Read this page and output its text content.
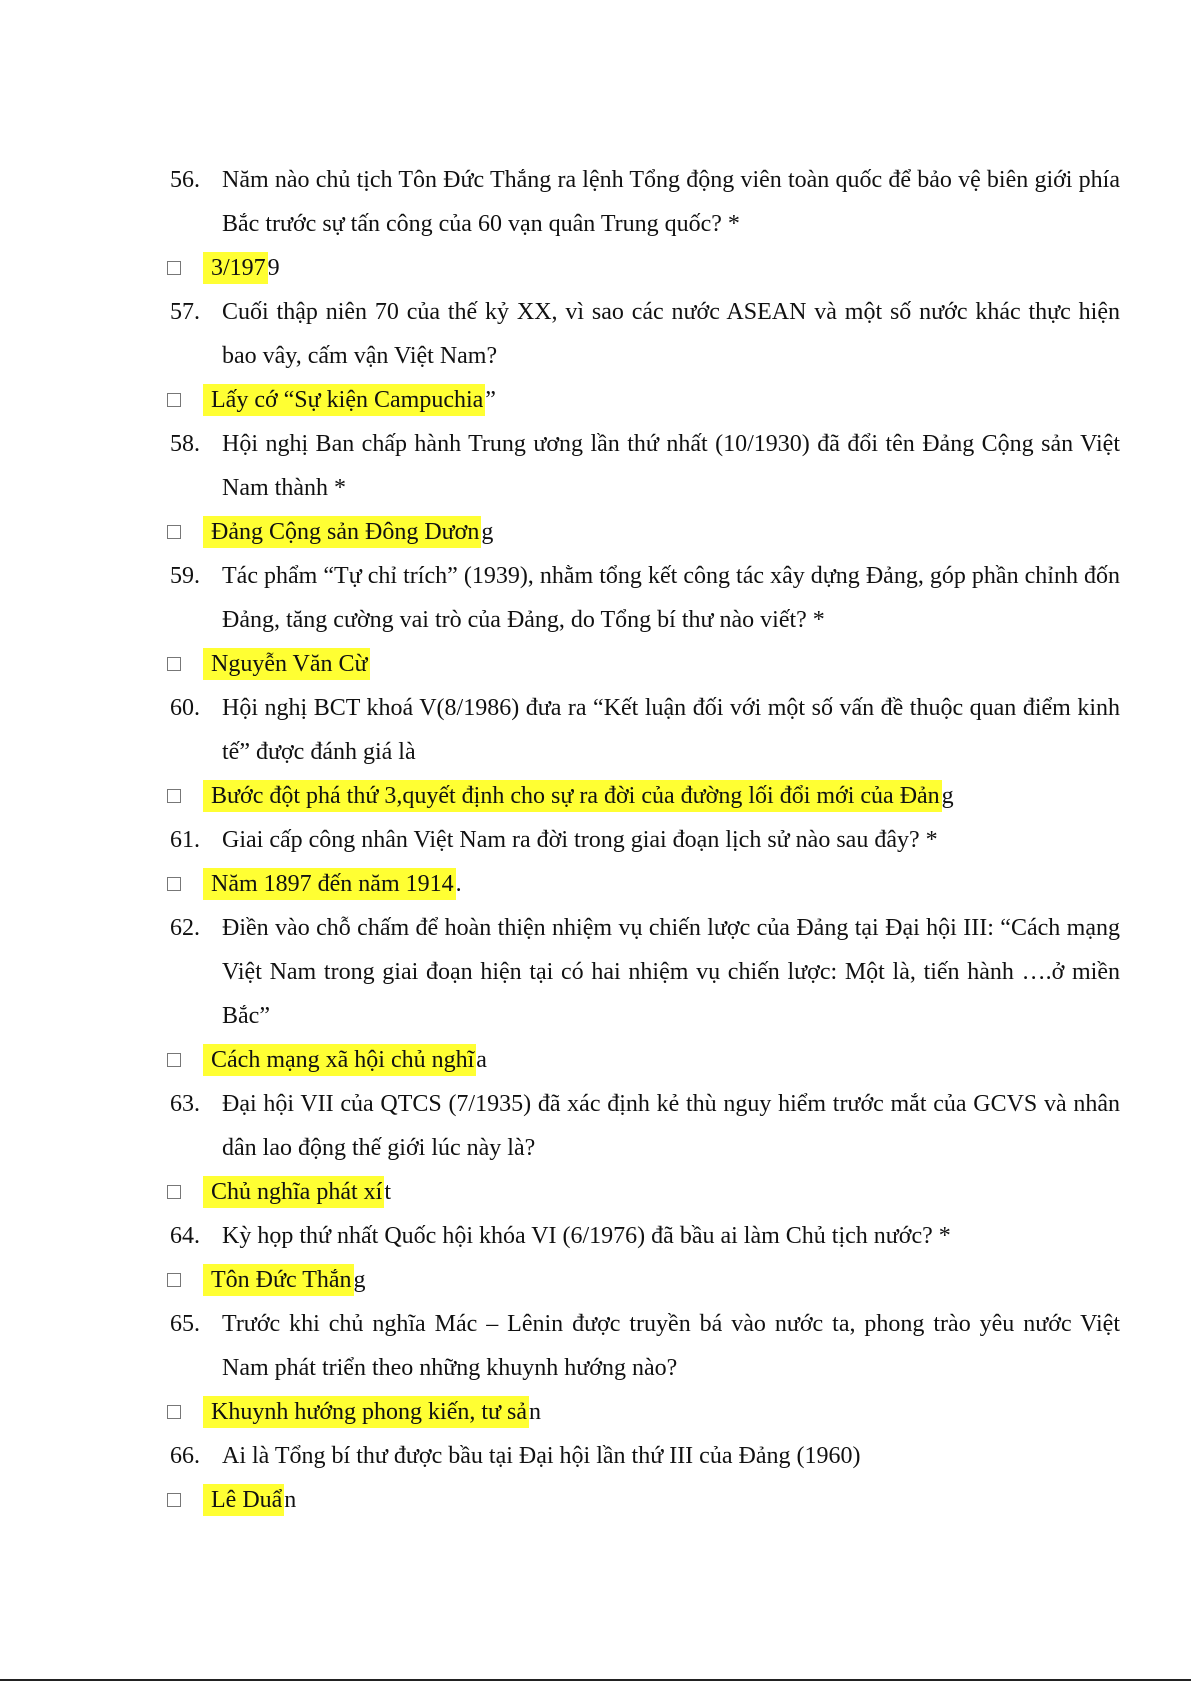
56. Năm nào chủ tịch Tôn Đức Thắng ra lệnh Tổng động viên toàn quốc để bảo vệ biên giới phía Bắc trước sự tấn công của 60 vạn quân Trung quốc? *
3/1979
57. Cuối thập niên 70 của thế kỷ XX, vì sao các nước ASEAN và một số nước khác thực hiện bao vây, cấm vận Việt Nam?
Lấy cớ “Sự kiện Campuchia”
58. Hội nghị Ban chấp hành Trung ương lần thứ nhất (10/1930) đã đổi tên Đảng Cộng sản Việt Nam thành *
Đảng Cộng sản Đông Dương
59. Tác phẩm “Tự chỉ trích” (1939), nhằm tổng kết công tác xây dựng Đảng, góp phần chỉnh đốn Đảng, tăng cường vai trò của Đảng, do Tổng bí thư nào viết? *
Nguyễn Văn Cừ
60. Hội nghị BCT khoá V(8/1986) đưa ra “Kết luận đối với một số vấn đề thuộc quan điểm kinh tế” được đánh giá là
Bước đột phá thứ 3,quyết định cho sự ra đời của đường lối đổi mới của Đảng
61. Giai cấp công nhân Việt Nam ra đời trong giai đoạn lịch sử nào sau đây? *
Năm 1897 đến năm 1914.
62. Điền vào chỗ chấm để hoàn thiện nhiệm vụ chiến lược của Đảng tại Đại hội III: “Cách mạng Việt Nam trong giai đoạn hiện tại có hai nhiệm vụ chiến lược: Một là, tiến hành ….ở miền Bắc”
Cách mạng xã hội chủ nghĩa
63. Đại hội VII của QTCS (7/1935) đã xác định kẻ thù nguy hiểm trước mắt của GCVS và nhân dân lao động thế giới lúc này là?
Chủ nghĩa phát xít
64. Kỳ họp thứ nhất Quốc hội khóa VI (6/1976) đã bầu ai làm Chủ tịch nước? *
Tôn Đức Thắng
65. Trước khi chủ nghĩa Mác – Lênin được truyền bá vào nước ta, phong trào yêu nước Việt Nam phát triển theo những khuynh hướng nào?
Khuynh hướng phong kiến, tư sản
66. Ai là Tổng bí thư được bầu tại Đại hội lần thứ III của Đảng (1960)
Lê Duẩn
